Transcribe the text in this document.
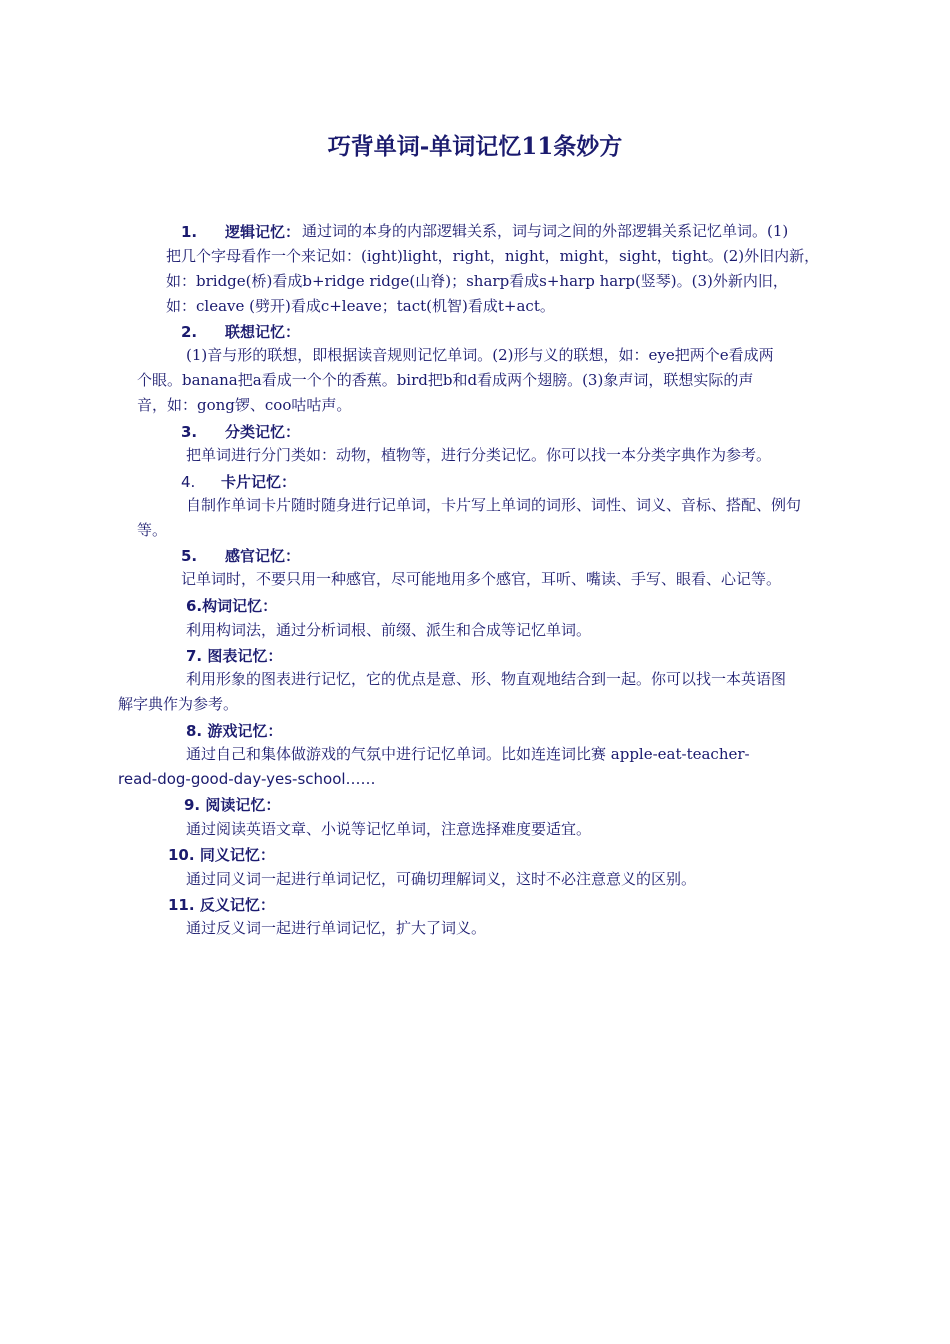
巧背单词-单词记忆11条妙方
1. 逻辑记忆： 通过词的本身的内部逻辑关系，词与词之间的外部逻辑关系记忆单词。(1)
把几个字母看作一个来记如：(ight)light，right，night，might，sight，tight。(2)外旧内新，
如：bridge(桥)看成b+ridge ridge(山脊)；sharp看成s+harp harp(竖琴)。(3)外新内旧，
如：cleave (劈开)看成c+leave；tact(机智)看成t+act。
2. 联想记忆：
(1)音与形的联想，即根据读音规则记忆单词。(2)形与义的联想，如：eye把两个e看成两
个眼。banana把a看成一个个的香蕉。bird把b和d看成两个翅膀。(3)象声词，联想实际的声
音，如：gong锣、coo咕咕声。
3. 分类记忆：
把单词进行分门类如：动物，植物等，进行分类记忆。你可以找一本分类字典作为参考。
4. 卡片记忆：
自制作单词卡片随时随身进行记单词，卡片写上单词的词形、词性、词义、音标、搭配、例句
等。
5. 感官记忆：
记单词时，不要只用一种感官，尽可能地用多个感官，耳听、嘴读、手写、眼看、心记等。
6.构词记忆：
利用构词法，通过分析词根、前缀、派生和合成等记忆单词。
7. 图表记忆：
利用形象的图表进行记忆，它的优点是意、形、物直观地结合到一起。你可以找一本英语图
解字典作为参考。
8. 游戏记忆：
通过自己和集体做游戏的气氛中进行记忆单词。比如连连词比赛 apple-eat-teacher-
read-dog-good-day-yes-school……
9. 阅读记忆：
通过阅读英语文章、小说等记忆单词，注意选择难度要适宜。
10. 同义记忆：
通过同义词一起进行单词记忆，可确切理解词义，这时不必注意意义的区别。
11. 反义记忆：
通过反义词一起进行单词记忆，扩大了词义。
